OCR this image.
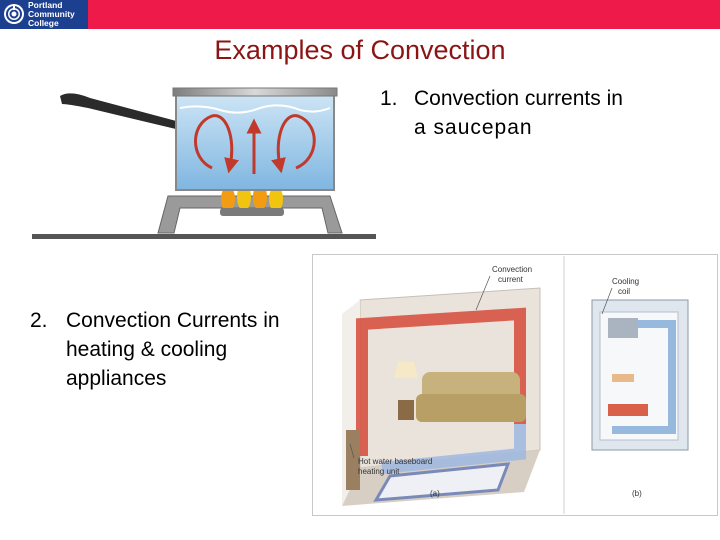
Portland
Community
College
Examples of Convection
1. Convection currents in
a saucepan
2. Convection Currents in
heating & cooling
appliances
Convection
current	Cooling
coil
Hot water baseboard
heating unit
(a)	(b)
